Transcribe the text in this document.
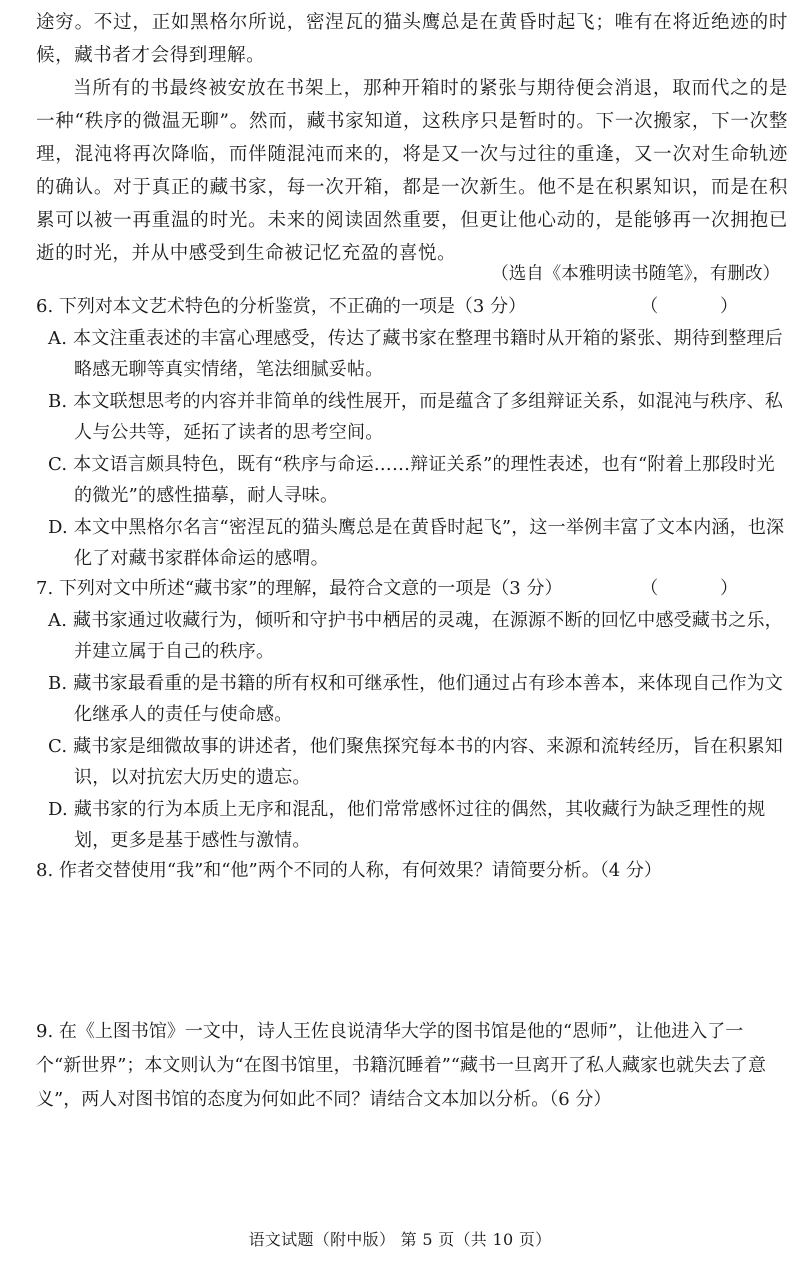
途穷。不过，正如黑格尔所说，密涅瓦的猫头鹰总是在黄昏时起飞；唯有在将近绝迹的时候，藏书者才会得到理解。

当所有的书最终被安放在书架上，那种开箱时的紧张与期待便会消退，取而代之的是一种“秩序的微温无聊”。然而，藏书家知道，这秩序只是暂时的。下一次搬家，下一次整理，混沌将再次降临，而伴随混沌而来的，将是又一次与过往的重逢，又一次对生命轨迹的确认。对于真正的藏书家，每一次开箱，都是一次新生。他不是在积累知识，而是在积累可以被一再重温的时光。未来的阅读固然重要，但更让他心动的，是能够再一次拥抱已逝的时光，并从中感受到生命被记忆充盈的喜悦。

（选自《本雅明读书随笔》，有删改）
6. 下列对本文艺术特色的分析鉴赏，不正确的一项是（3 分）	（ ）
A. 本文注重表述的丰富心理感受，传达了藏书家在整理书籍时从开箱的紧张、期待到整理后略感无聊等真实情绪，笔法细腻妥帖。
B. 本文联想思考的内容并非简单的线性展开，而是蕴含了多组辩证关系，如混沌与秩序、私人与公共等，延拓了读者的思考空间。
C. 本文语言颇具特色，既有“秩序与命运……辩证关系”的理性表述，也有“附着上那段时光的微光”的感性描摹，耐人寻味。
D. 本文中黑格尔名言“密涅瓦的猫头鹰总是在黄昏时起飞”，这一举例丰富了文本内涵，也深化了对藏书家群体命运的感喟。
7. 下列对文中所述“藏书家”的理解，最符合文意的一项是（3 分）	（ ）
A. 藏书家通过收藏行为，倾听和守护书中栖居的灵魂，在源源不断的回忆中感受藏书之乐，并建立属于自己的秩序。
B. 藏书家最看重的是书籍的所有权和可继承性，他们通过占有珍本善本，来体现自己作为文化继承人的责任与使命感。
C. 藏书家是细微故事的讲述者，他们聚焦探究每本书的内容、来源和流转经历，旨在积累知识，以对抗宏大历史的遗忘。
D. 藏书家的行为本质上无序和混乱，他们常常感怀过往的偶然，其收藏行为缺乏理性的规划，更多是基于感性与激情。
8. 作者交替使用“我”和“他”两个不同的人称，有何效果？请简要分析。（4 分）
9. 在《上图书馆》一文中，诗人王佐良说清华大学的图书馆是他的“恩师”，让他进入了一个“新世界”；本文则认为“在图书馆里，书籍沉睡着”“藏书一旦离开了私人藏家也就失去了意义”，两人对图书馆的态度为何如此不同？请结合文本加以分析。（6 分）
语文试题（附中版） 第 5 页（共 10 页）
